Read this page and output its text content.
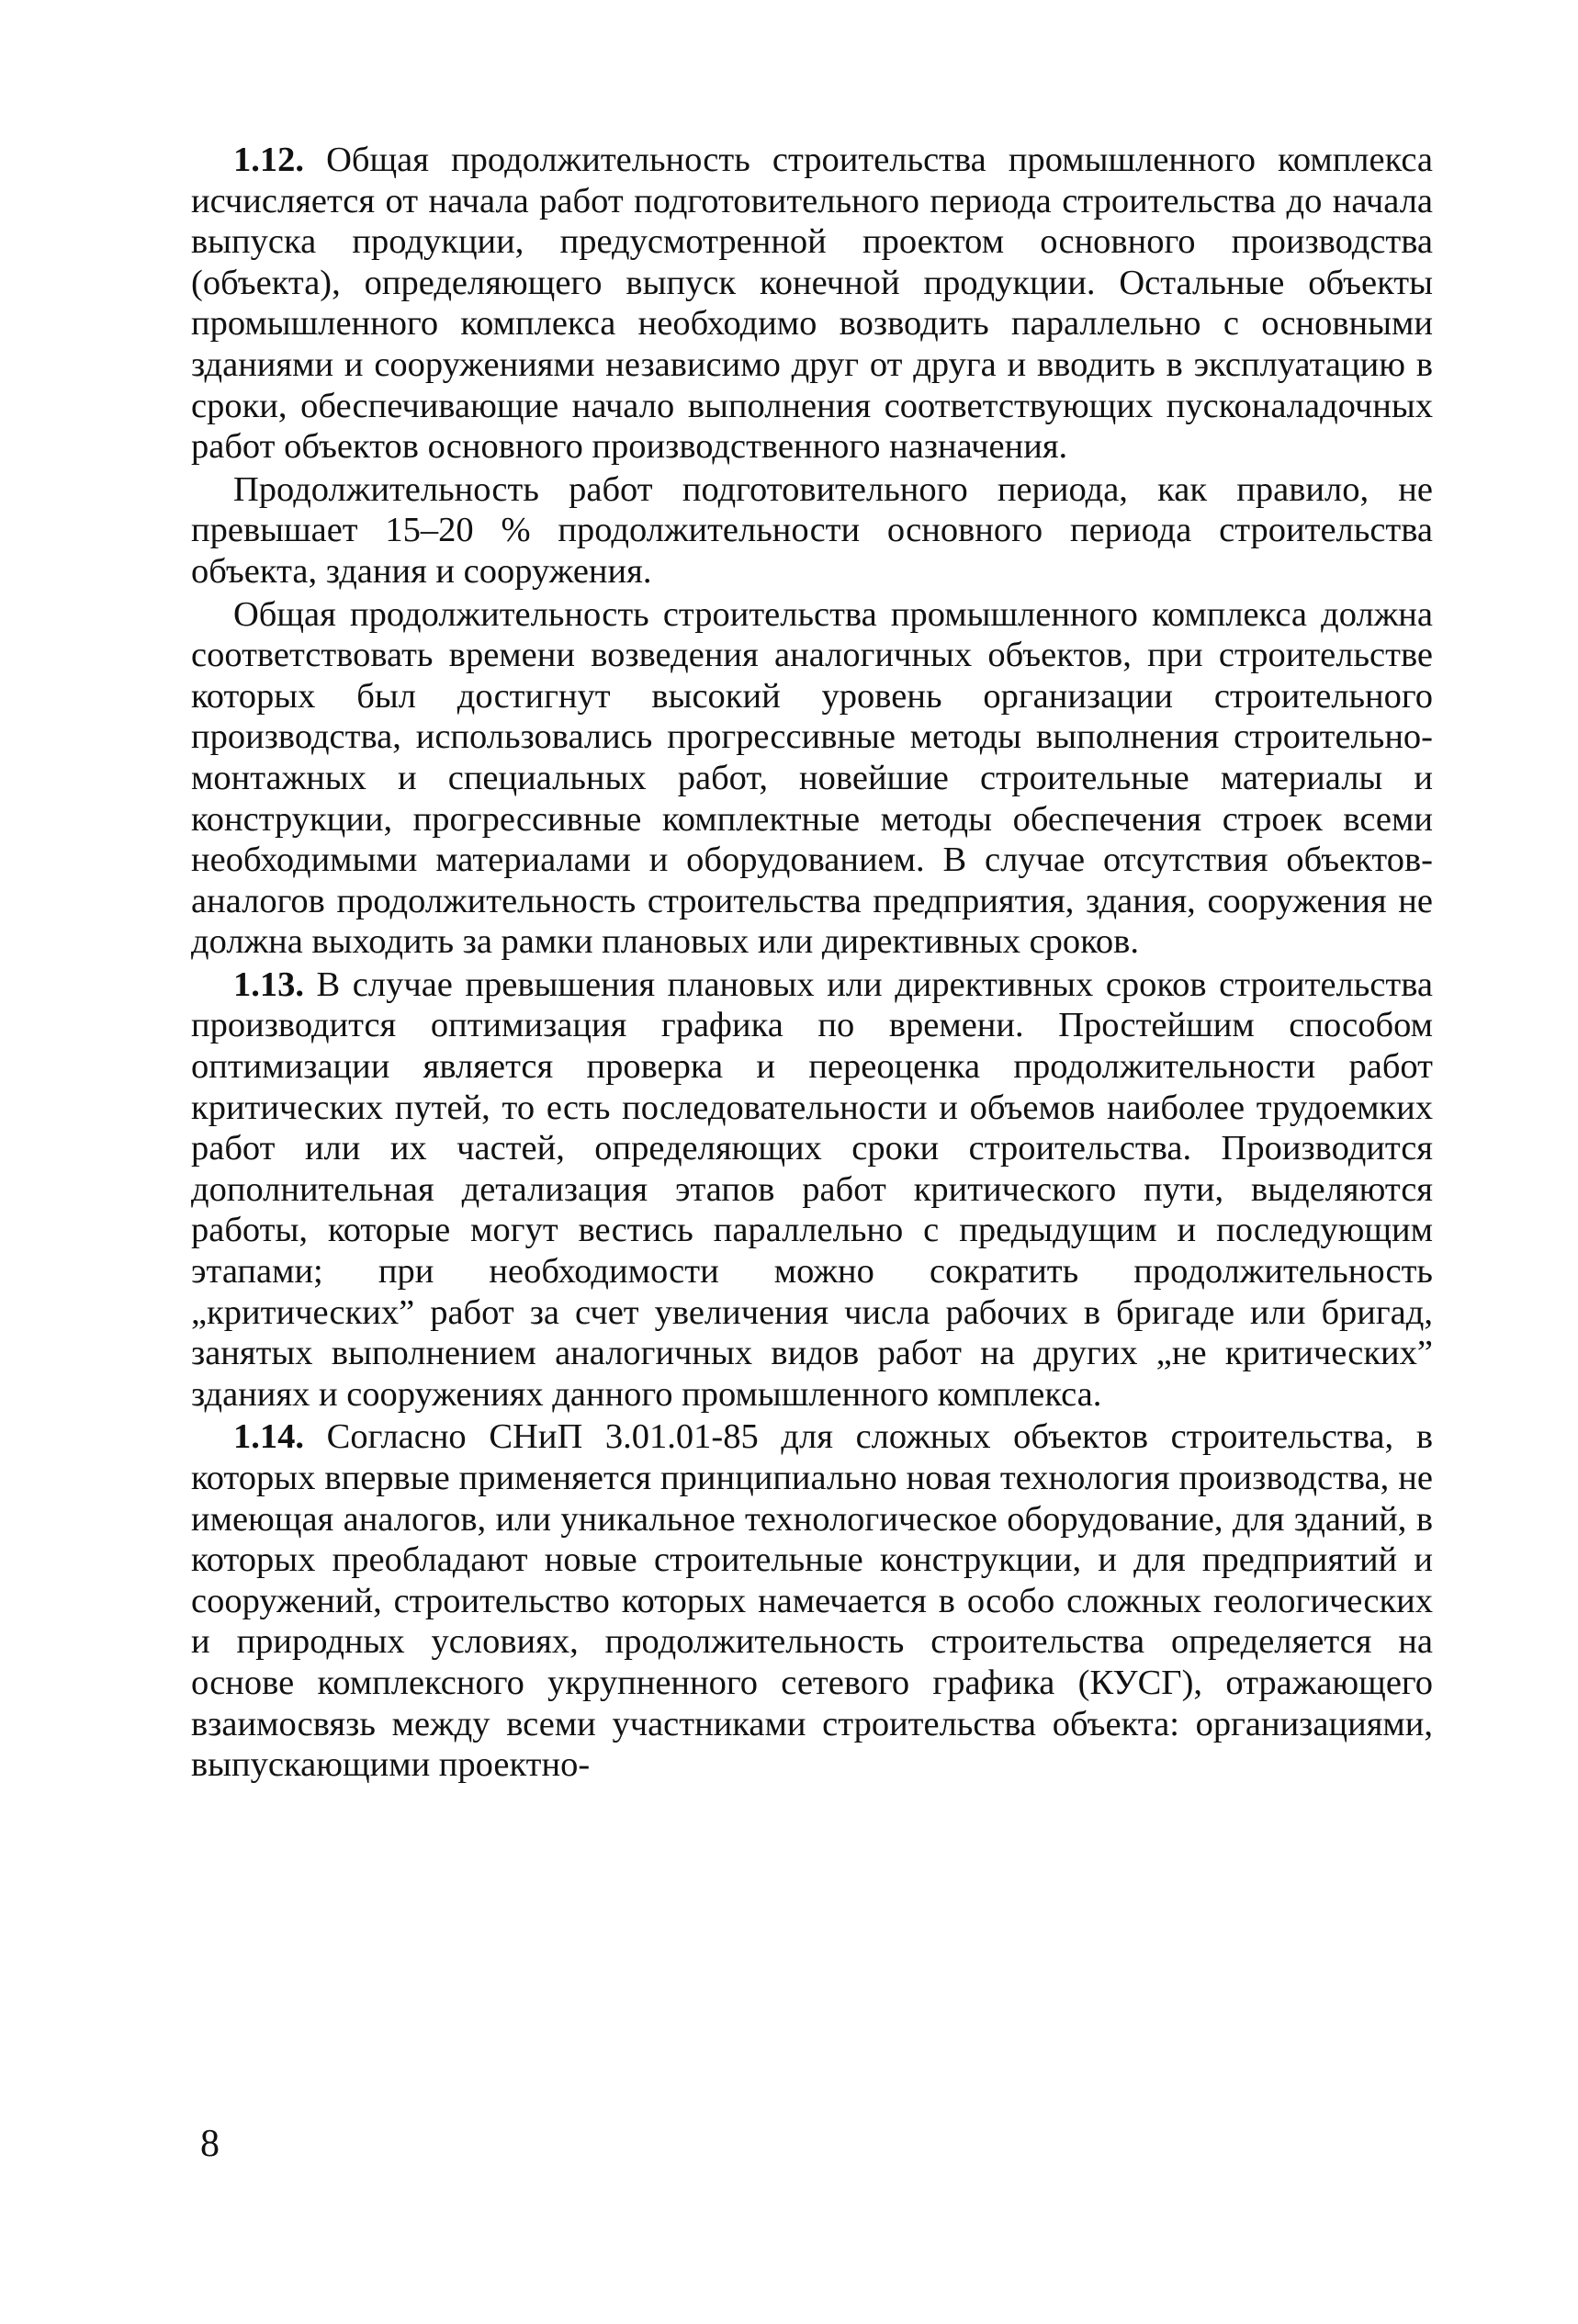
1.12. Общая продолжительность строительства промышленного комплекса исчисляется от начала работ подготовительного периода строительства до начала выпуска продукции, предусмотренной проектом основного производства (объекта), определяющего выпуск конечной продукции. Остальные объекты промышленного комплекса необходимо возводить параллельно с основными зданиями и сооружениями независимо друг от друга и вводить в эксплуатацию в сроки, обеспечивающие начало выполнения соответствующих пусконаладочных работ объектов основного производственного назначения.

Продолжительность работ подготовительного периода, как правило, не превышает 15–20 % продолжительности основного периода строительства объекта, здания и сооружения.

Общая продолжительность строительства промышленного комплекса должна соответствовать времени возведения аналогичных объектов, при строительстве которых был достигнут высокий уровень организации строительного производства, использовались прогрессивные методы выполнения строительно-монтажных и специальных работ, новейшие строительные материалы и конструкции, прогрессивные комплектные методы обеспечения строек всеми необходимыми материалами и оборудованием. В случае отсутствия объектов-аналогов продолжительность строительства предприятия, здания, сооружения не должна выходить за рамки плановых или директивных сроков.

1.13. В случае превышения плановых или директивных сроков строительства производится оптимизация графика по времени. Простейшим способом оптимизации является проверка и переоценка продолжительности работ критических путей, то есть последовательности и объемов наиболее трудоемких работ или их частей, определяющих сроки строительства. Производится дополнительная детализация этапов работ критического пути, выделяются работы, которые могут вестись параллельно с предыдущим и последующим этапами; при необходимости можно сократить продолжительность „критических” работ за счет увеличения числа рабочих в бригаде или бригад, занятых выполнением аналогичных видов работ на других „не критических” зданиях и сооружениях данного промышленного комплекса.

1.14. Согласно СНиП 3.01.01-85 для сложных объектов строительства, в которых впервые применяется принципиально новая технология производства, не имеющая аналогов, или уникальное технологическое оборудование, для зданий, в которых преобладают новые строительные конструкции, и для предприятий и сооружений, строительство которых намечается в особо сложных геологических и природных условиях, продолжительность строительства определяется на основе комплексного укрупненного сетевого графика (КУСГ), отражающего взаимосвязь между всеми участниками строительства объекта: организациями, выпускающими проектно-

8
